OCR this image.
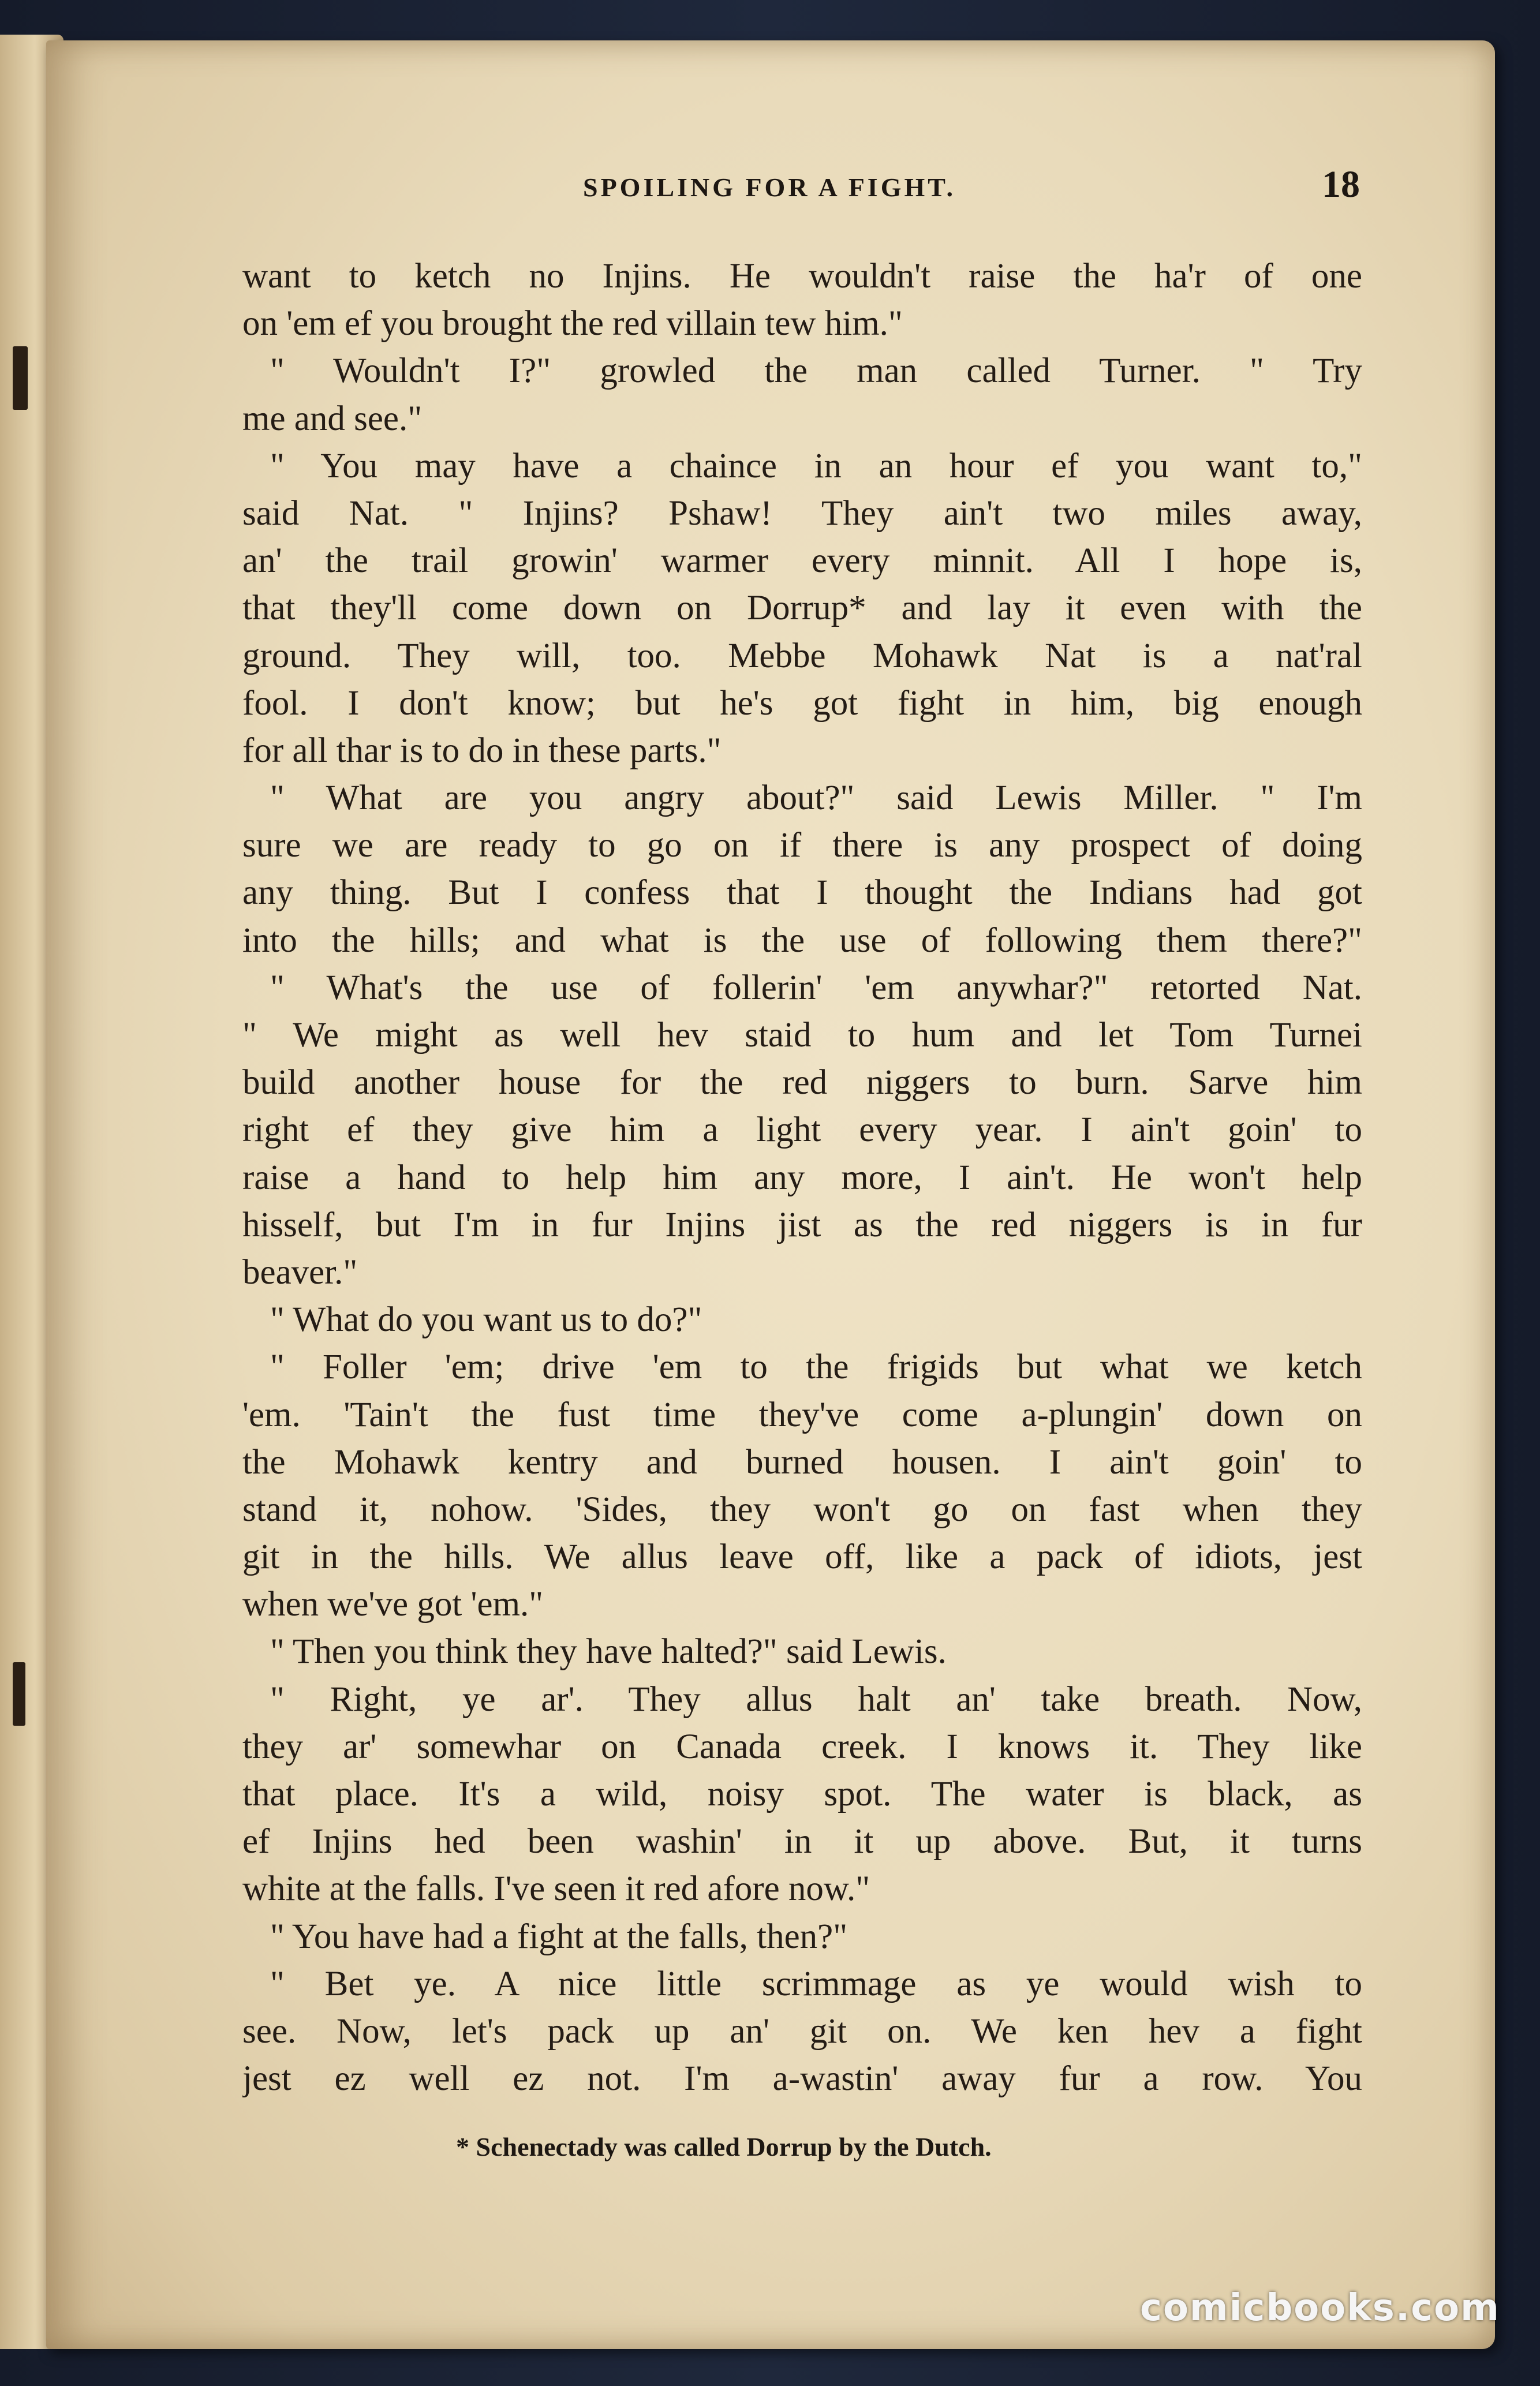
SPOILING FOR A FIGHT.	18
want to ketch no Injins. He wouldn't raise the ha'r of one
on 'em ef you brought the red villain tew him."
" Wouldn't I?" growled the man called Turner. " Try
me and see."
" You may have a chaince in an hour ef you want to,"
said Nat. " Injins? Pshaw! They ain't two miles away,
an' the trail growin' warmer every minnit. All I hope is,
that they'll come down on Dorrup* and lay it even with the
ground. They will, too. Mebbe Mohawk Nat is a nat'ral
fool. I don't know; but he's got fight in him, big enough
for all thar is to do in these parts."
" What are you angry about?" said Lewis Miller. " I'm
sure we are ready to go on if there is any prospect of doing
any thing. But I confess that I thought the Indians had got
into the hills; and what is the use of following them there?"
" What's the use of follerin' 'em anywhar?" retorted Nat.
" We might as well hev staid to hum and let Tom Turnei
build another house for the red niggers to burn. Sarve him
right ef they give him a light every year. I ain't goin' to
raise a hand to help him any more, I ain't. He won't help
hisself, but I'm in fur Injins jist as the red niggers is in fur
beaver."
" What do you want us to do?"
" Foller 'em; drive 'em to the frigids but what we ketch
'em. 'Tain't the fust time they've come a-plungin' down on
the Mohawk kentry and burned housen. I ain't goin' to
stand it, nohow. 'Sides, they won't go on fast when they
git in the hills. We allus leave off, like a pack of idiots, jest
when we've got 'em."
" Then you think they have halted?" said Lewis.
" Right, ye ar'. They allus halt an' take breath. Now,
they ar' somewhar on Canada creek. I knows it. They like
that place. It's a wild, noisy spot. The water is black, as
ef Injins hed been washin' in it up above. But, it turns
white at the falls. I've seen it red afore now."
" You have had a fight at the falls, then?"
" Bet ye. A nice little scrimmage as ye would wish to
see. Now, let's pack up an' git on. We ken hev a fight
jest ez well ez not. I'm a-wastin' away fur a row. You
* Schenectady was called Dorrup by the Dutch.
comicbooks.com
